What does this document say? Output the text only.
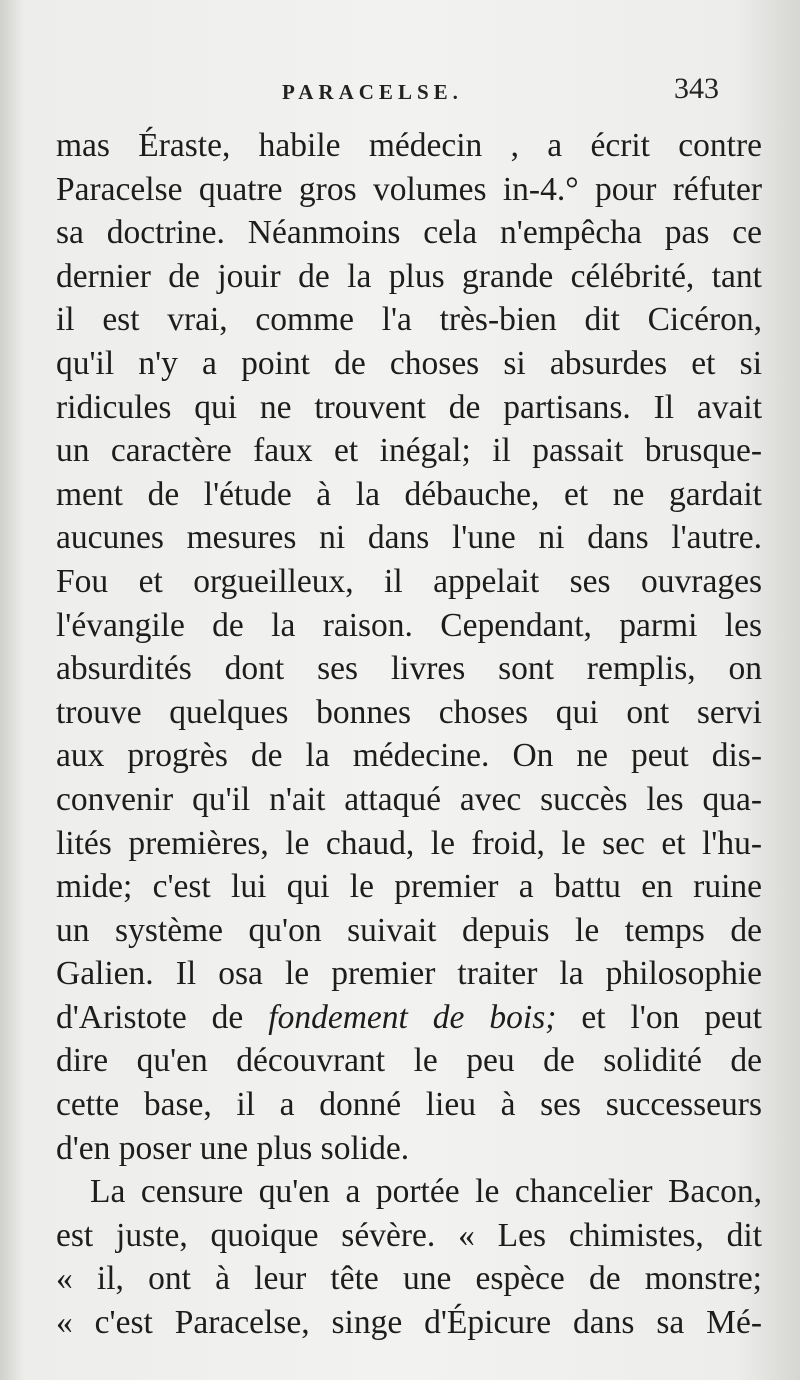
PARACELSE.	343
mas Éraste, habile médecin , a écrit contre
Paracelse quatre gros volumes in-4.° pour réfuter
sa doctrine. Néanmoins cela n'empêcha pas ce
dernier de jouir de la plus grande célébrité, tant
il est vrai, comme l'a très-bien dit Cicéron,
qu'il n'y a point de choses si absurdes et si
ridicules qui ne trouvent de partisans. Il avait
un caractère faux et inégal; il passait brusque-
ment de l'étude à la débauche, et ne gardait
aucunes mesures ni dans l'une ni dans l'autre.
Fou et orgueilleux, il appelait ses ouvrages
l'évangile de la raison. Cependant, parmi les
absurdités dont ses livres sont remplis, on
trouve quelques bonnes choses qui ont servi
aux progrès de la médecine. On ne peut dis-
convenir qu'il n'ait attaqué avec succès les qua-
lités premières, le chaud, le froid, le sec et l'hu-
mide; c'est lui qui le premier a battu en ruine
un système qu'on suivait depuis le temps de
Galien. Il osa le premier traiter la philosophie
d'Aristote de fondement de bois; et l'on peut
dire qu'en découvrant le peu de solidité de
cette base, il a donné lieu à ses successeurs
d'en poser une plus solide.
La censure qu'en a portée le chancelier Bacon,
est juste, quoique sévère. « Les chimistes, dit
« il, ont à leur tête une espèce de monstre;
« c'est Paracelse, singe d'Épicure dans sa Mé-
